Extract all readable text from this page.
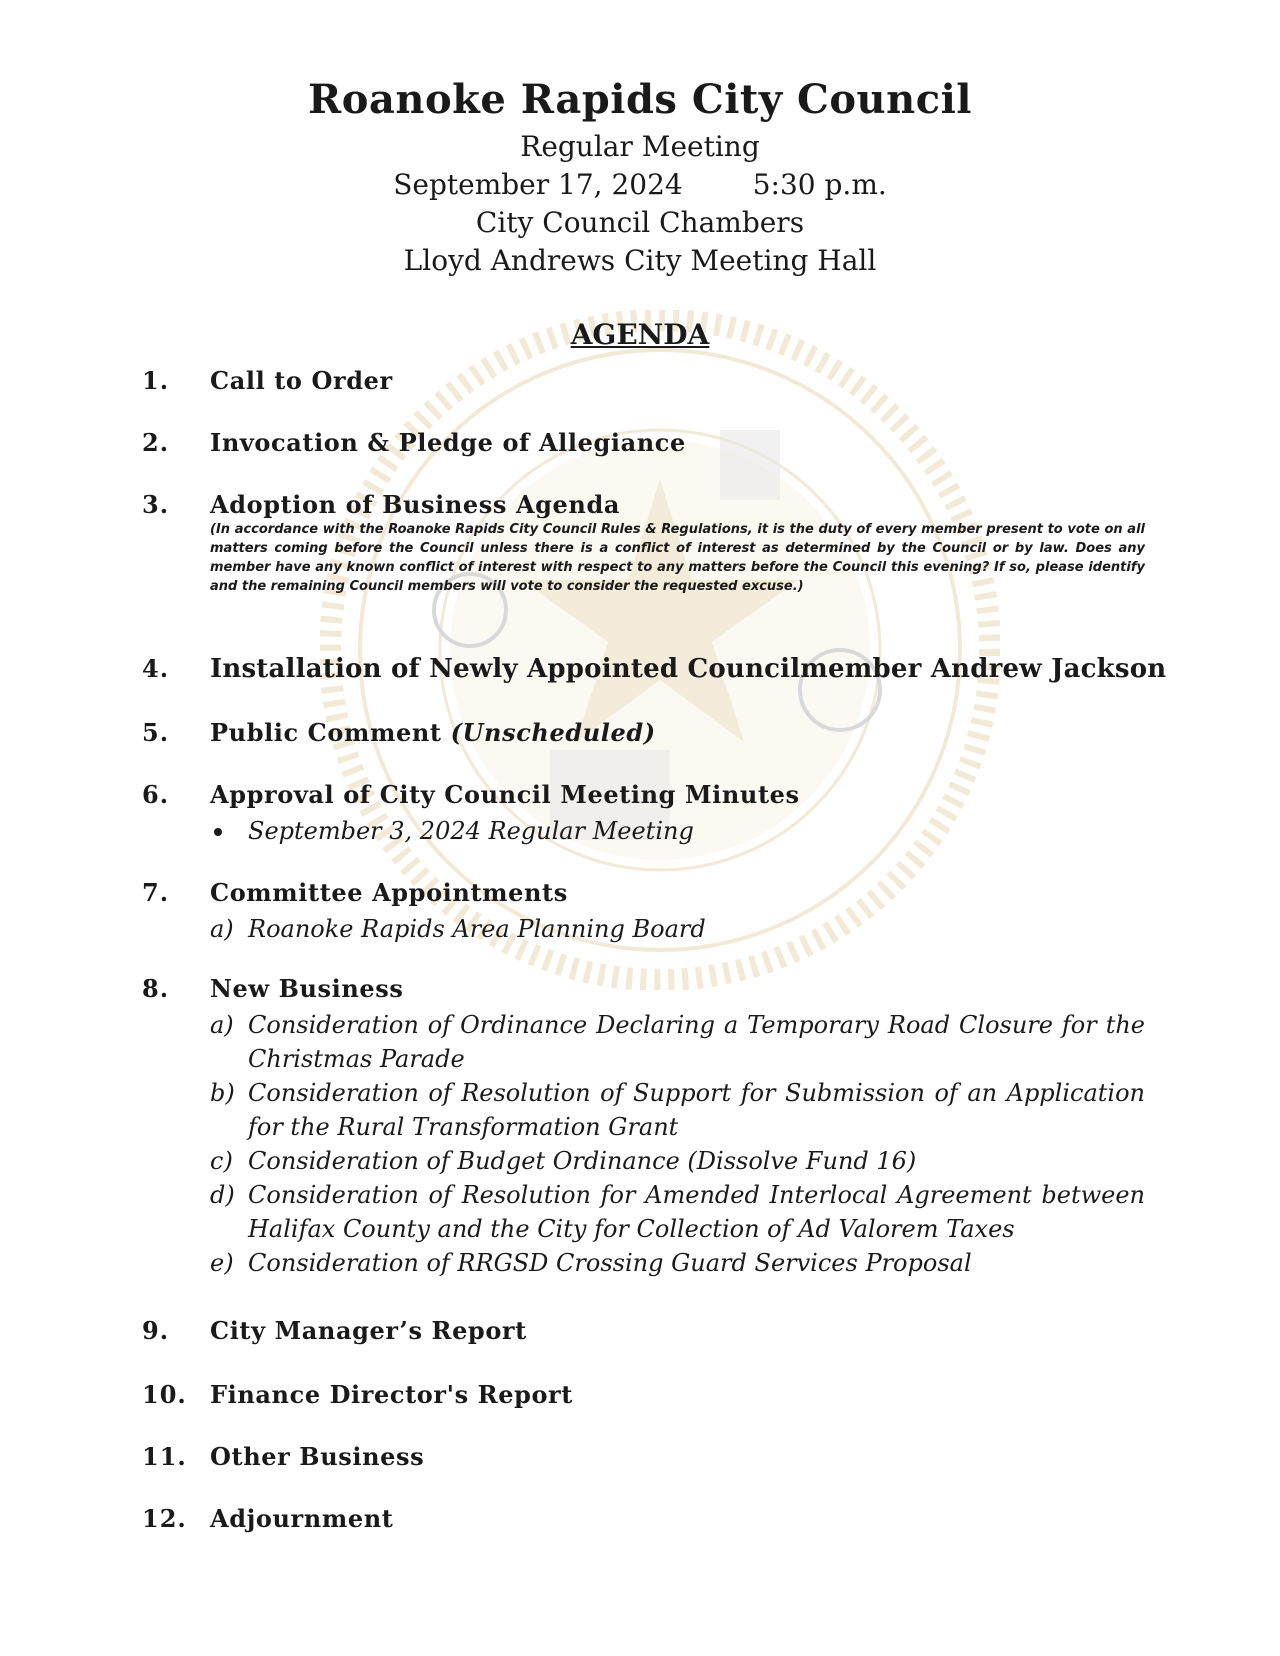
Roanoke Rapids City Council

Regular Meeting

September 17, 2024	5:30 p.m.

City Council Chambers

Lloyd Andrews City Meeting Hall

AGENDA
1. Call to Order
2. Invocation & Pledge of Allegiance
3. Adoption of Business Agenda
(In accordance with the Roanoke Rapids City Council Rules & Regulations, it is the duty of every member present to vote on all matters coming before the Council unless there is a conflict of interest as determined by the Council or by law. Does any member have any known conflict of interest with respect to any matters before the Council this evening? If so, please identify and the remaining Council members will vote to consider the requested excuse.)
4. Installation of Newly Appointed Councilmember Andrew Jackson
5. Public Comment (Unscheduled)
6. Approval of City Council Meeting Minutes
September 3, 2024 Regular Meeting
7. Committee Appointments
a) Roanoke Rapids Area Planning Board
8. New Business
a) Consideration of Ordinance Declaring a Temporary Road Closure for the Christmas Parade
b) Consideration of Resolution of Support for Submission of an Application for the Rural Transformation Grant
c) Consideration of Budget Ordinance (Dissolve Fund 16)
d) Consideration of Resolution for Amended Interlocal Agreement between Halifax County and the City for Collection of Ad Valorem Taxes
e) Consideration of RRGSD Crossing Guard Services Proposal
9. City Manager’s Report
10. Finance Director's Report
11. Other Business
12. Adjournment
